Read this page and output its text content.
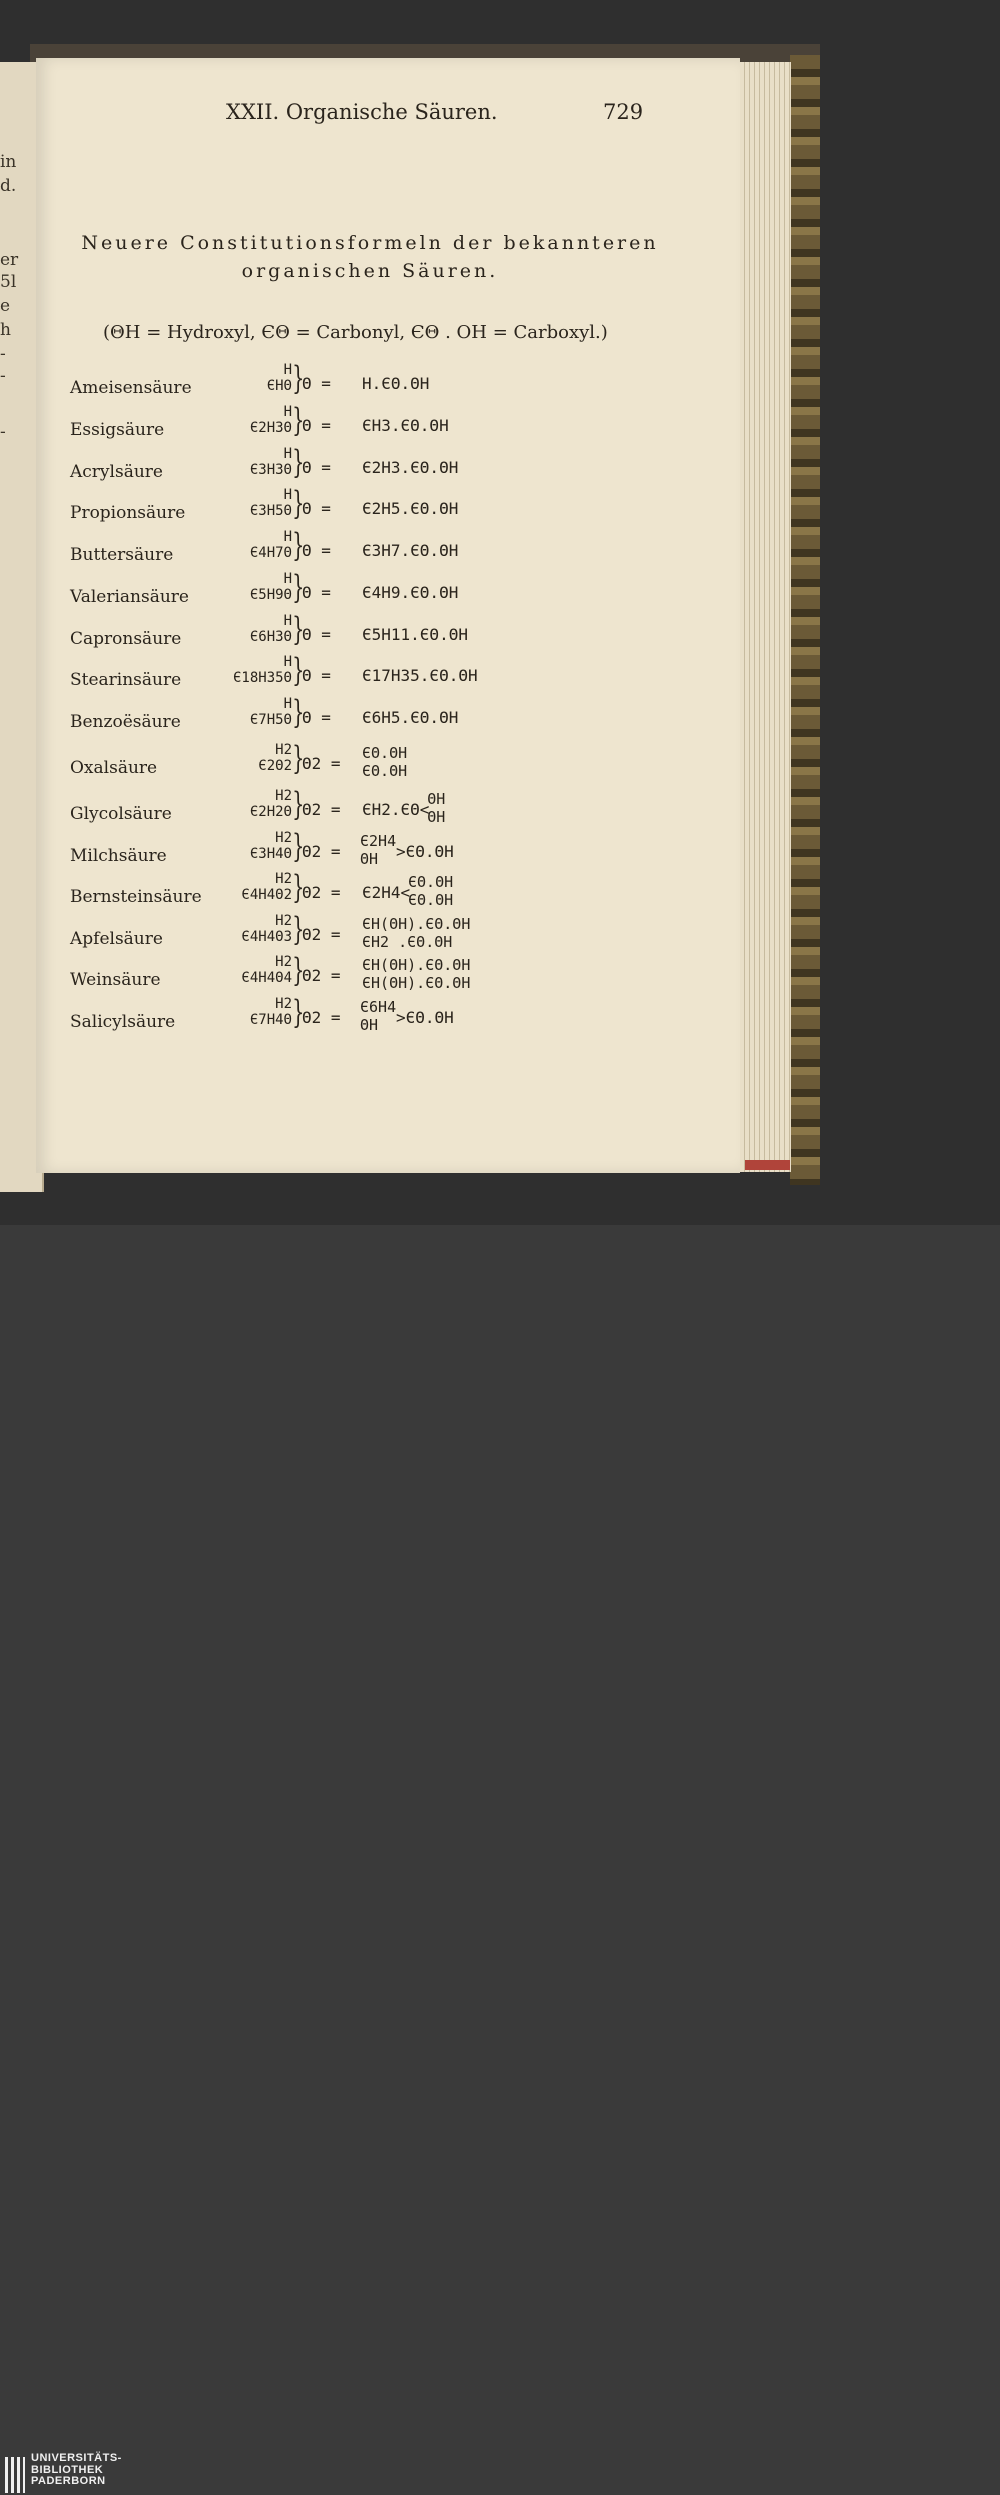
in
d.
er
5l
e
h
-
-
-
XXII. Organische Säuren.	729
Neuere Constitutionsformeln der bekannteren
organischen Säuren.
(ΘH = Hydroxyl, ЄΘ = Carbonyl, ЄΘ . OH = Carboxyl.)
Ameisensäure
H
ЄHΘ }
Θ = H.ЄΘ.ΘH
Essigsäure
H
Є2H3Θ }
Θ = ЄH3.ЄΘ.ΘH
Acrylsäure
H
Є3H3Θ }
Θ = Є2H3.ЄΘ.ΘH
Propionsäure
H
Є3H5Θ }
Θ = Є2H5.ЄΘ.ΘH
Buttersäure
H
Є4H7Θ }
Θ = Є3H7.ЄΘ.ΘH
Valeriansäure
H
Є5H9Θ }
Θ = Є4H9.ЄΘ.ΘH
Capronsäure
H
Є6H3Θ }
Θ = Є5H11.ЄΘ.ΘH
Stearinsäure
H
Є18H35Θ }
Θ = Є17H35.ЄΘ.ΘH
Benzoësäure
H
Є7H5Θ }
Θ = Є6H5.ЄΘ.ΘH
Oxalsäure
H2
Є2Θ2 }
Θ2 =
ЄΘ.ΘH
ЄΘ.ΘH
Glycolsäure
H2
Є2H2Θ }
Θ2 =
ΘH
ΘH
ЄH2.ЄΘ<
Milchsäure
H2
Є3H4Θ }
Θ2 =
Є2H4
ΘH >ЄΘ.ΘH
Bernsteinsäure
H2
Є4H4Θ2 }
Θ2 =
ЄΘ.ΘH
ЄΘ.ΘH
Є2H4<
Apfelsäure
H2
Є4H4Θ3 }
Θ2 =
ЄH(ΘH).ЄΘ.ΘH
ЄH2 .ЄΘ.ΘH
Weinsäure
H2
Є4H4Θ4 }
Θ2 =
ЄH(ΘH).ЄΘ.ΘH
ЄH(ΘH).ЄΘ.ΘH
Salicylsäure
H2
Є7H4Θ }
Θ2 =
Є6H4
ΘH >ЄΘ.ΘH
UNIVERSITÄTS-
BIBLIOTHEK
PADERBORN
